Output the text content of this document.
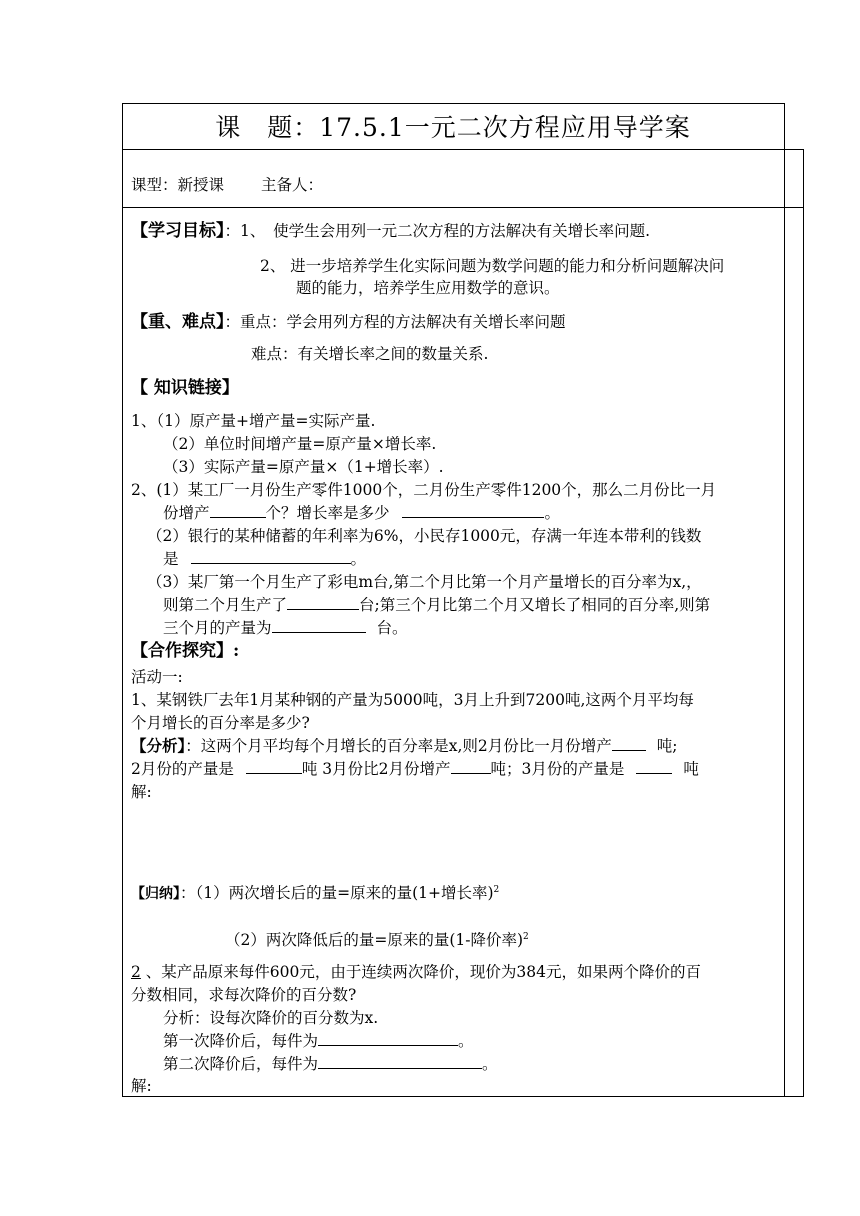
课　题：17.5.1一元二次方程应用导学案
课型：新授课 主备人：
【学习目标】：1、　使学生会用列一元二次方程的方法解决有关增长率问题.
2、 进一步培养学生化实际问题为数学问题的能力和分析问题解决问
题的能力，培养学生应用数学的意识。
【重、难点】：重点：学会用列方程的方法解决有关增长率问题
难点：有关增长率之间的数量关系.
【 知识链接】
1、（1）原产量+增产量=实际产量.
（2）单位时间增产量=原产量×增长率.
（3）实际产量=原产量×（1+增长率）.
2、(1）某工厂一月份生产零件1000个，二月份生产零件1200个，那么二月份比一月
份增产	个？增长率是多少	。
（2）银行的某种储蓄的年利率为6%，小民存1000元，存满一年连本带利的钱数
是	。
（3）某厂第一个月生产了彩电m台,第二个月比第一个月产量增长的百分率为x,，
则第二个月生产了	台;第三个月比第二个月又增长了相同的百分率,则第
三个月的产量为	台。
【合作探究】:
活动一:
1、某钢铁厂去年1月某种钢的产量为5000吨，3月上升到7200吨,这两个月平均每
个月增长的百分率是多少?
【分析】：这两个月平均每个月增长的百分率是x,则2月份比一月份增产	吨;
2月份的产量是	吨 3月份比2月份增产	吨；3月份的产量是	吨
解:
【归纳】：（1）两次增长后的量=原来的量(1+增长率)$^2$
（2）两次降低后的量=原来的量(1-降价率)$^2$
2 、某产品原来每件600元，由于连续两次降价，现价为384元，如果两个降价的百
分数相同，求每次降价的百分数?
分析：设每次降价的百分数为x.
第一次降价后，每件为	。
第二次降价后，每件为	。
解:
